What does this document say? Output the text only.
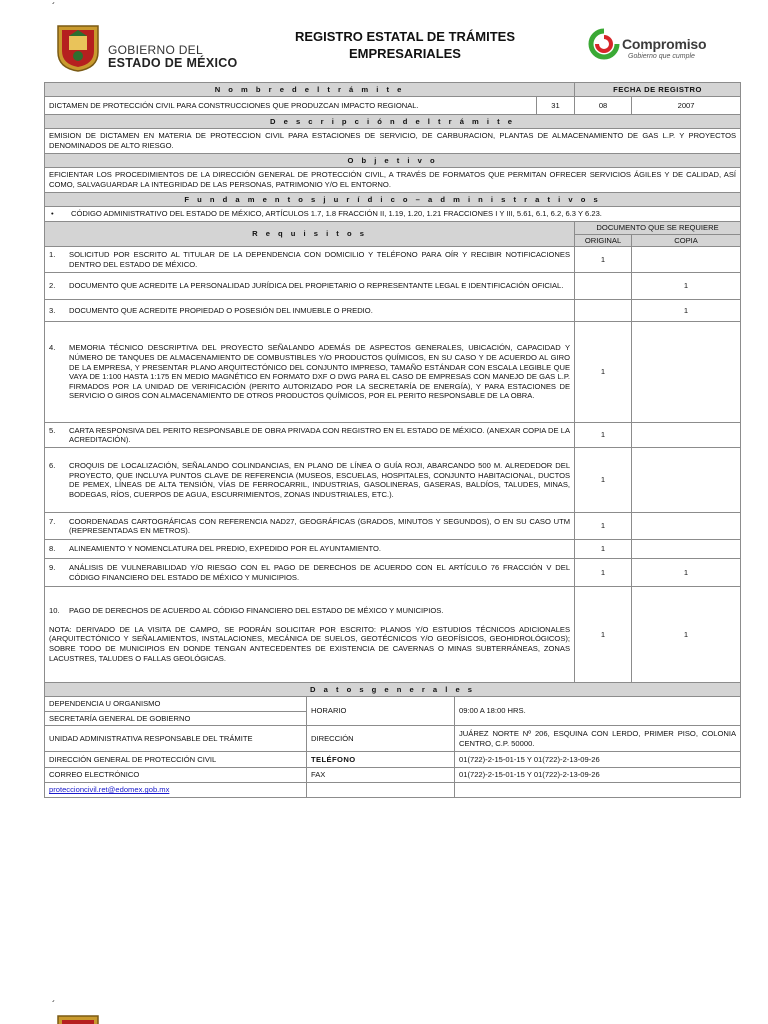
´
GOBIERNO DEL
ESTADO DE MÉXICO
REGISTRO ESTATAL DE TRÁMITES
EMPRESARIALES
Compromiso
Gobierno que cumple
N o m b r e d e l t r á m i t e				FECHA DE REGISTRO	
DICTAMEN DE PROTECCIÓN CIVIL PARA CONSTRUCCIONES QUE PRODUZCAN IMPACTO REGIONAL.			31	08	2007
D e s c r i p c i ó n d e l t r á m i t e					
EMISION DE DICTAMEN EN MATERIA DE PROTECCION CIVIL PARA ESTACIONES DE SERVICIO, DE CARBURACION, PLANTAS DE ALMACENAMIENTO DE GAS L.P. Y PROYECTOS DENOMINADOS DE ALTO RIESGO.					
O b j e t i v o					
EFICIENTAR LOS PROCEDIMIENTOS DE LA DIRECCIÓN GENERAL DE PROTECCIÓN CIVIL, A TRAVÉS DE FORMATOS QUE PERMITAN OFRECER SERVICIOS ÁGILES Y DE CALIDAD, ASÍ COMO, SALVAGUARDAR LA INTEGRIDAD DE LAS PERSONAS, PATRIMONIO Y/O EL ENTORNO.					
F u n d a m e n t o s j u r í d i c o – a d m i n i s t r a t i v o s					

• CÓDIGO ADMINISTRATIVO DEL ESTADO DE MÉXICO, ARTÍCULOS 1.7, 1.8 FRACCIÓN II, 1.19, 1.20, 1.21 FRACCIONES I Y III, 5.61, 6.1, 6.2, 6.3 Y 6.23.					

R e q u i s i t o s				DOCUMENTO QUE SE REQUIERE	
				ORIGINAL	COPIA

1. SOLICITUD POR ESCRITO AL TITULAR DE LA DEPENDENCIA CON DOMICILIO Y TELÉFONO PARA OÍR Y RECIBIR NOTIFICACIONES DENTRO DEL ESTADO DE MÉXICO.				1	

2. DOCUMENTO QUE ACREDITE LA PERSONALIDAD JURÍDICA DEL PROPIETARIO O REPRESENTANTE LEGAL E IDENTIFICACIÓN OFICIAL.					1

3. DOCUMENTO QUE ACREDITE PROPIEDAD O POSESIÓN DEL INMUEBLE O PREDIO.					1

4. MEMORIA TÉCNICO DESCRIPTIVA DEL PROYECTO SEÑALANDO ADEMÁS DE ASPECTOS GENERALES, UBICACIÓN, CAPACIDAD Y NÚMERO DE TANQUES DE ALMACENAMIENTO DE COMBUSTIBLES Y/O PRODUCTOS QUÍMICOS, EN SU CASO Y DE ACUERDO AL GIRO DE LA EMPRESA, Y PRESENTAR PLANO ARQUITECTÓNICO DEL CONJUNTO IMPRESO, TAMAÑO ESTÁNDAR CON ESCALA LEGIBLE QUE VAYA DE 1:100 HASTA 1:175 EN MEDIO MAGNÉTICO EN FORMATO DXF O DWG PARA EL CASO DE EMPRESAS CON MANEJO DE GAS L.P. FIRMADOS POR LA UNIDAD DE VERIFICACIÓN (PERITO AUTORIZADO POR LA SECRETARÍA DE ENERGÍA), Y PARA ESTACIONES DE SERVICIO O GIROS CON ALMACENAMIENTO DE OTROS PRODUCTOS QUÍMICOS, POR EL PERITO RESPONSABLE DE LA OBRA.				1	

5. CARTA RESPONSIVA DEL PERITO RESPONSABLE DE OBRA PRIVADA CON REGISTRO EN EL ESTADO DE MÉXICO. (ANEXAR COPIA DE LA ACREDITACIÓN).				1	

6. CROQUIS DE LOCALIZACIÓN, SEÑALANDO COLINDANCIAS, EN PLANO DE LÍNEA O GUÍA ROJI, ABARCANDO 500 M. ALREDEDOR DEL PROYECTO, QUE INCLUYA PUNTOS CLAVE DE REFERENCIA (MUSEOS, ESCUELAS, HOSPITALES, CONJUNTO HABITACIONAL, DUCTOS DE PEMEX, LÍNEAS DE ALTA TENSIÓN, VÍAS DE FERROCARRIL, INDUSTRIAS, GASOLINERAS, GASERAS, BALDÍOS, TALUDES, MINAS, BODEGAS, RÍOS, CUERPOS DE AGUA, ESCURRIMIENTOS, ZONAS INDUSTRIALES, ETC.).				1	

7. COORDENADAS CARTOGRÁFICAS CON REFERENCIA NAD27, GEOGRÁFICAS (GRADOS, MINUTOS Y SEGUNDOS), O EN SU CASO UTM (REPRESENTADAS EN METROS).				1	

8. ALINEAMIENTO Y NOMENCLATURA DEL PREDIO, EXPEDIDO POR EL AYUNTAMIENTO.				1	

9. ANÁLISIS DE VULNERABILIDAD Y/O RIESGO CON EL PAGO DE DERECHOS DE ACUERDO CON EL ARTÍCULO 76 FRACCIÓN V DEL CÓDIGO FINANCIERO DEL ESTADO DE MÉXICO Y MUNICIPIOS.				1	1

10. PAGO DE DERECHOS DE ACUERDO AL CÓDIGO FINANCIERO DEL ESTADO DE MÉXICO Y MUNICIPIOS.
NOTA: DERIVADO DE LA VISITA DE CAMPO, SE PODRÁN SOLICITAR POR ESCRITO: PLANOS Y/O ESTUDIOS TÉCNICOS ADICIONALES (ARQUITECTÓNICO Y SEÑALAMIENTOS, INSTALACIONES, MECÁNICA DE SUELOS, GEOTÉCNICOS Y/O GEOFÍSICOS, GEOHIDROLÓGICOS); SOBRE TODO DE MUNICIPIOS EN DONDE TENGAN ANTECEDENTES DE EXISTENCIA DE CAVERNAS O MINAS SUBTERRÁNEAS, ZONAS LACUSTRES, TALUDES O FALLAS GEOLÓGICAS.				1	1
D a t o s g e n e r a l e s					
DEPENDENCIA U ORGANISMO	HORARIO	09:00 A 18:00 HRS.			
SECRETARÍA GENERAL DE GOBIERNO					
UNIDAD ADMINISTRATIVA RESPONSABLE DEL TRÁMITE	DIRECCIÓN	JUÁREZ NORTE Nº 206, ESQUINA CON LERDO, PRIMER PISO, COLONIA CENTRO, C.P. 50000.			
DIRECCIÓN GENERAL DE PROTECCIÓN CIVIL	TELÉFONO	01(722)-2-15-01-15 Y 01(722)-2-13-09-26			
CORREO ELECTRÓNICO	FAX	01(722)-2-15-01-15 Y 01(722)-2-13-09-26			
proteccioncivil.ret@edomex.gob.mx					
´
